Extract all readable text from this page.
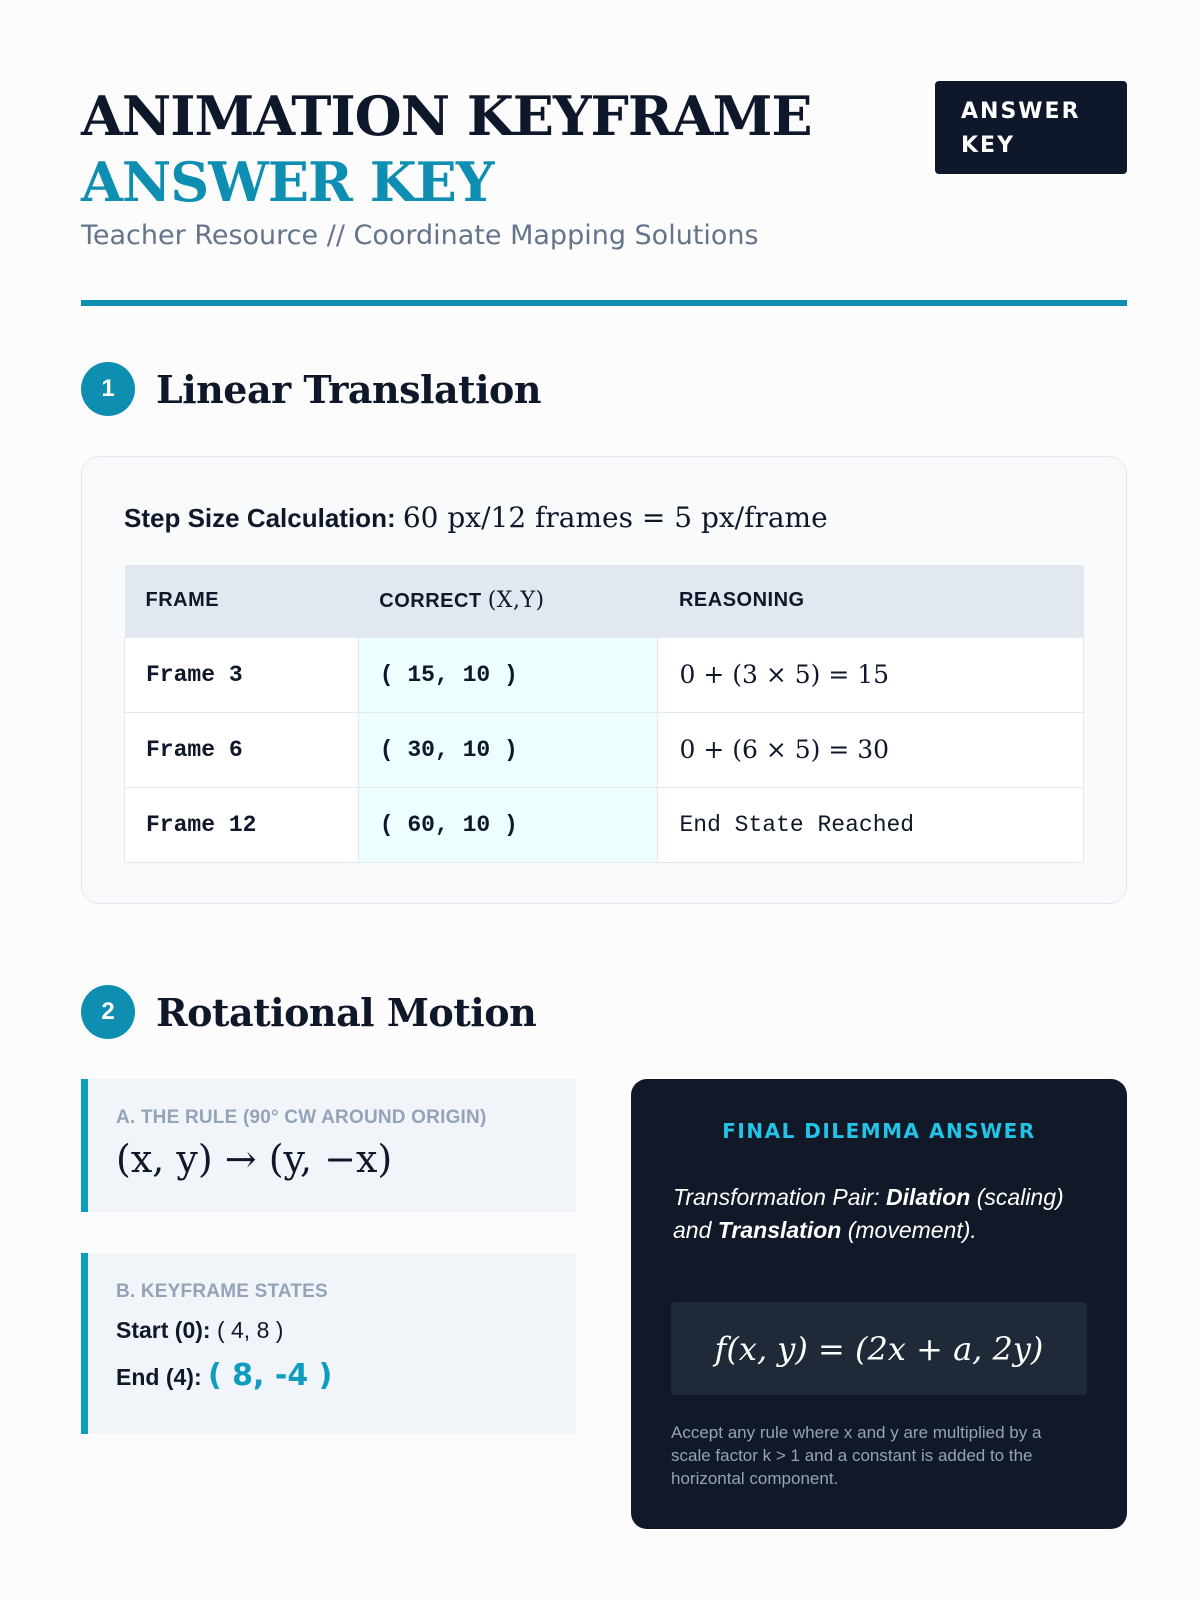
ANIMATION KEYFRAME
ANSWER KEY
Teacher Resource // Coordinate Mapping Solutions
ANSWER
KEY
1	Linear Translation
Step Size Calculation: 60 px/12 frames = 5 px/frame
FRAME	CORRECT (X,Y)	REASONING
Frame 3	( 15, 10 )	0 + (3 × 5) = 15
Frame 6	( 30, 10 )	0 + (6 × 5) = 30
Frame 12	( 60, 10 )	End State Reached
2	Rotational Motion
A. THE RULE (90° CW AROUND ORIGIN)
(x, y) → (y, −x)
B. KEYFRAME STATES
Start (0): ( 4, 8 )
End (4): ( 8, -4 )
FINAL DILEMMA ANSWER
Transformation Pair: Dilation (scaling) and Translation (movement).
f(x, y) = (2x + a, 2y)
Accept any rule where x and y are multiplied by a scale factor k > 1 and a constant is added to the horizontal component.
